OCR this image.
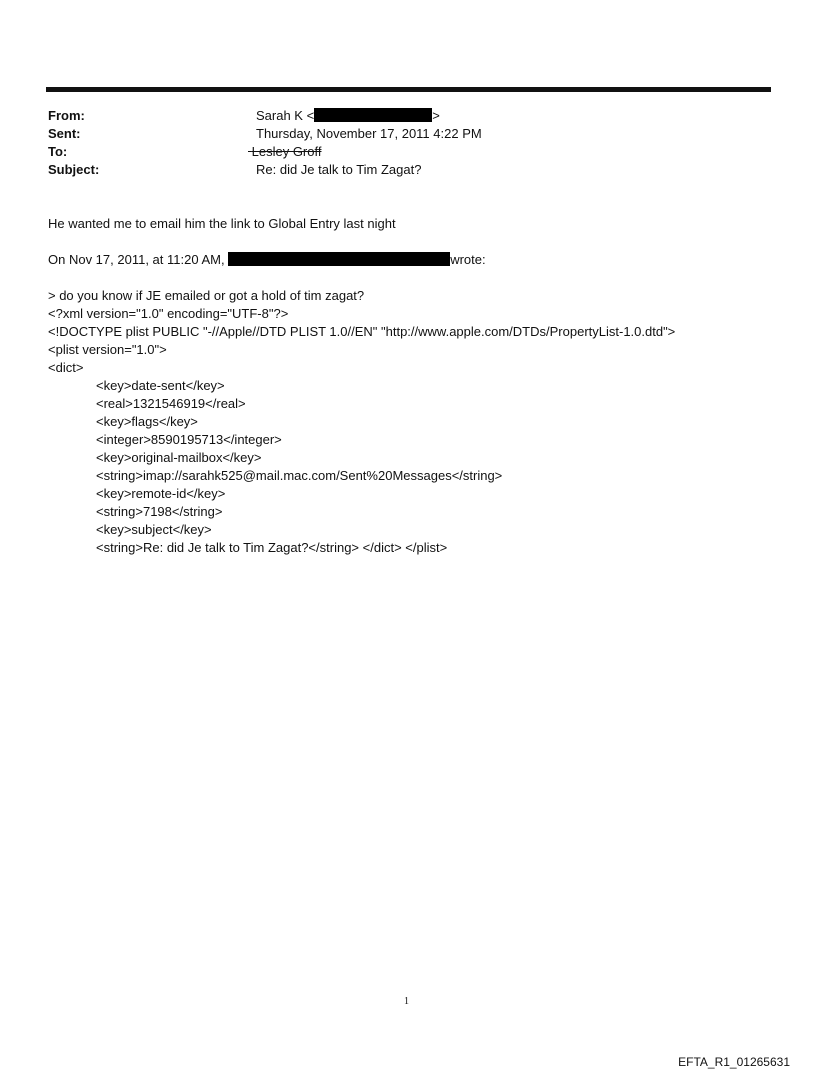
From:	Sarah K <	>
Sent:	Thursday, November 17, 2011 4:22 PM
To:	Lesley Groff
Subject:	Re: did Je talk to Tim Zagat?
He wanted me to email him the link to Global Entry last night
On Nov 17, 2011, at 11:20 AM,	wrote:
> do you know if JE emailed or got a hold of tim zagat?
<?xml version="1.0" encoding="UTF-8"?>
<!DOCTYPE plist PUBLIC "-//Apple//DTD PLIST 1.0//EN" "http://www.apple.com/DTDs/PropertyList-1.0.dtd">
<plist version="1.0">
<dict>
<key>date-sent</key>
<real>1321546919</real>
<key>flags</key>
<integer>8590195713</integer>
<key>original-mailbox</key>
<string>imap://sarahk525@mail.mac.com/Sent%20Messages</string>
<key>remote-id</key>
<string>7198</string>
<key>subject</key>
<string>Re: did Je talk to Tim Zagat?</string> </dict> </plist>
1
EFTA_R1_01265631
